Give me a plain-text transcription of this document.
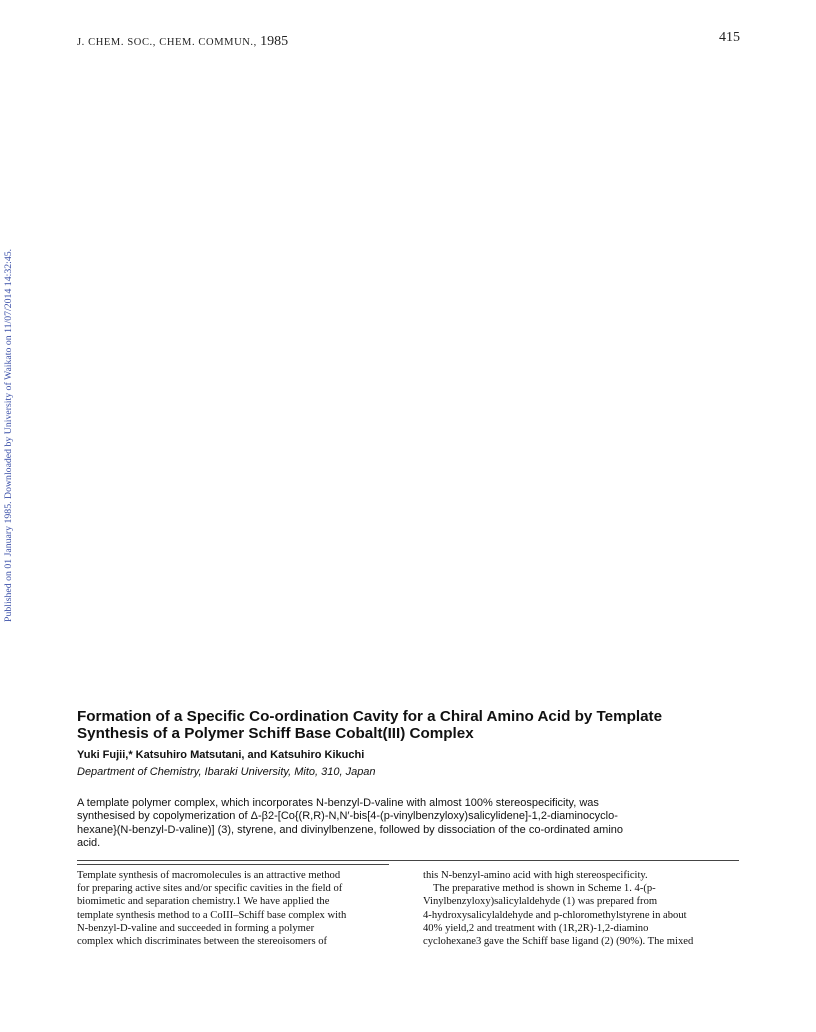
J. CHEM. SOC., CHEM. COMMUN., 1985	415
Published on 01 January 1985. Downloaded by University of Waikato on 11/07/2014 14:32:45.
Formation of a Specific Co-ordination Cavity for a Chiral Amino Acid by Template Synthesis of a Polymer Schiff Base Cobalt(III) Complex
Yuki Fujii,* Katsuhiro Matsutani, and Katsuhiro Kikuchi
Department of Chemistry, Ibaraki University, Mito, 310, Japan

A template polymer complex, which incorporates N-benzyl-D-valine with almost 100% stereospecificity, was

synthesised by copolymerization of Δ-β2-[Co{(R,R)-N,N′-bis[4-(p-vinylbenzyloxy)salicylidene]-1,2-diaminocyclo-

hexane}(N-benzyl-D-valine)] (3), styrene, and divinylbenzene, followed by dissociation of the co-ordinated amino

acid.

Template synthesis of macromolecules is an attractive method
for preparing active sites and/or specific cavities in the field of
biomimetic and separation chemistry.1 We have applied the
template synthesis method to a CoIII–Schiff base complex with
N-benzyl-D-valine and succeeded in forming a polymer
complex which discriminates between the stereoisomers of
this N-benzyl-amino acid with high stereospecificity.
The preparative method is shown in Scheme 1. 4-(p-
Vinylbenzyloxy)salicylaldehyde (1) was prepared from
4-hydroxysalicylaldehyde and p-chloromethylstyrene in about
40% yield,2 and treatment with (1R,2R)-1,2-diamino
cyclohexane3 gave the Schiff base ligand (2) (90%). The mixed
